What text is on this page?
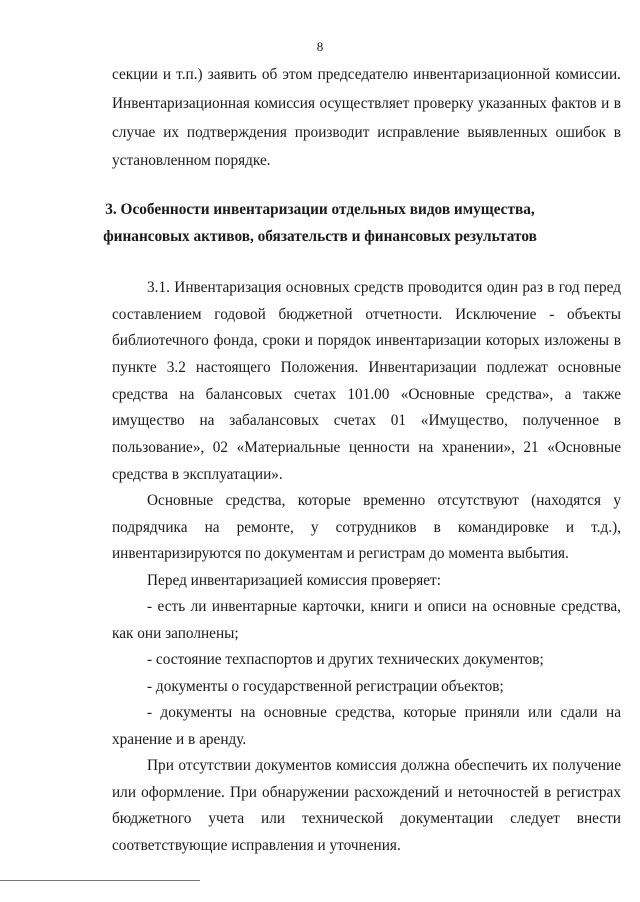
8
секции и т.п.) заявить об этом председателю инвентаризационной комиссии.
Инвентаризационная комиссия осуществляет проверку указанных фактов и в
случае их подтверждения производит исправление выявленных ошибок в
установленном порядке.
3. Особенности инвентаризации отдельных видов имущества,
финансовых активов, обязательств и финансовых результатов
3.1. Инвентаризация основных средств проводится один раз в год перед
составлением годовой бюджетной отчетности. Исключение - объекты
библиотечного фонда, сроки и порядок инвентаризации которых изложены в
пункте 3.2 настоящего Положения. Инвентаризации подлежат основные
средства на балансовых счетах 101.00 «Основные средства», а также
имущество на забалансовых счетах 01 «Имущество, полученное в
пользование», 02 «Материальные ценности на хранении», 21 «Основные
средства в эксплуатации».
Основные средства, которые временно отсутствуют (находятся у
подрядчика на ремонте, у сотрудников в командировке и т.д.),
инвентаризируются по документам и регистрам до момента выбытия.
Перед инвентаризацией комиссия проверяет:
- есть ли инвентарные карточки, книги и описи на основные средства,
как они заполнены;
- состояние техпаспортов и других технических документов;
- документы о государственной регистрации объектов;
- документы на основные средства, которые приняли или сдали на
хранение и в аренду.
При отсутствии документов комиссия должна обеспечить их получение
или оформление. При обнаружении расхождений и неточностей в регистрах
бюджетного учета или технической документации следует внести
соответствующие исправления и уточнения.
